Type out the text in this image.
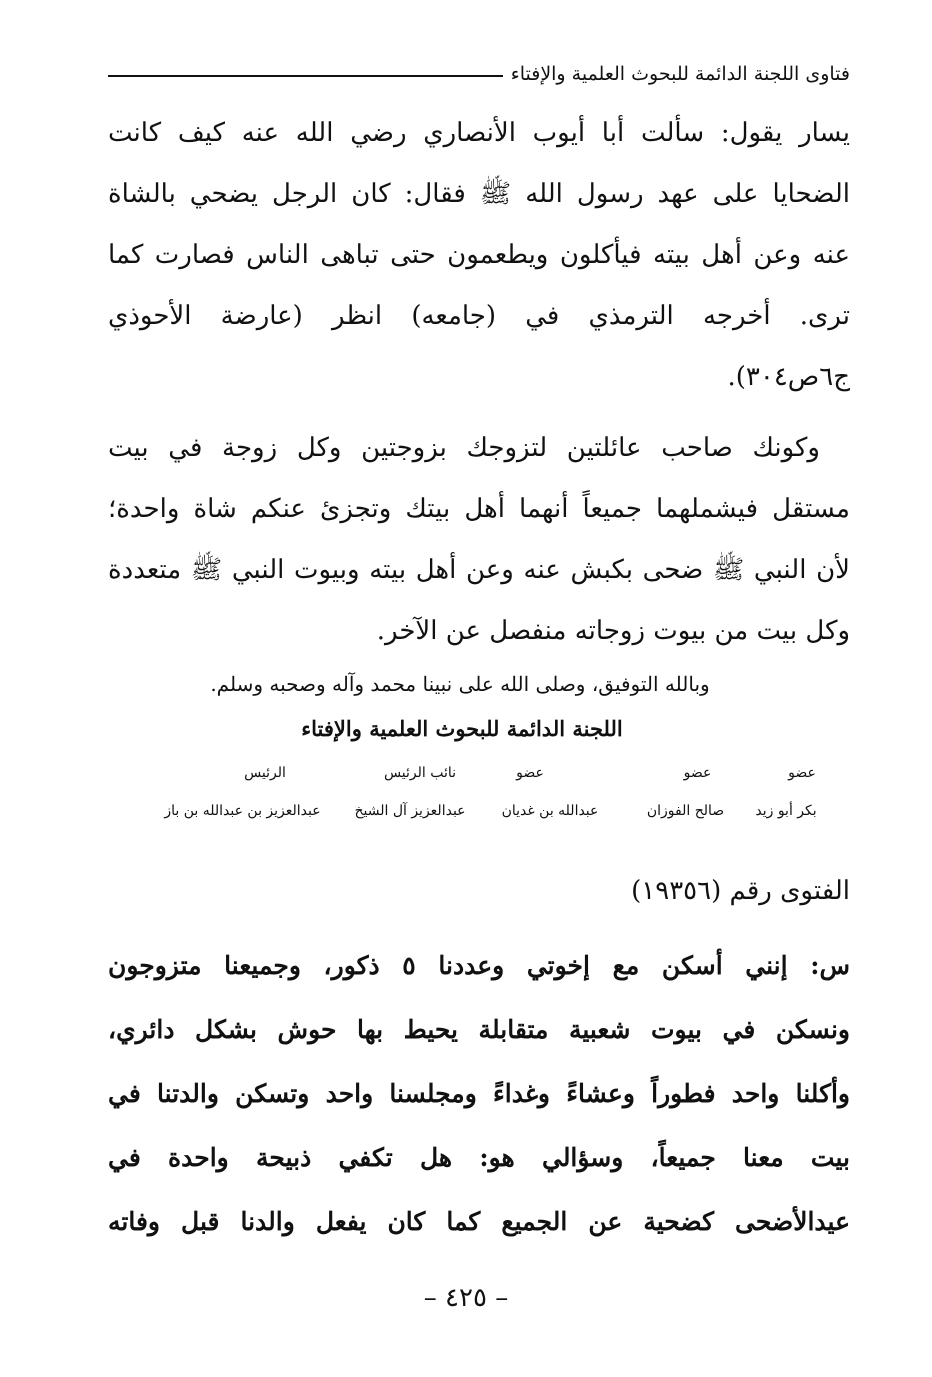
فتاوى اللجنة الدائمة للبحوث العلمية والإفتاء
يسار يقول: سألت أبا أيوب الأنصاري رضي الله عنه كيف كانت
الضحايا على عهد رسول الله ﷺ فقال: كان الرجل يضحي بالشاة
عنه وعن أهل بيته فيأكلون ويطعمون حتى تباهى الناس فصارت كما
ترى. أخرجه الترمذي في (جامعه) انظر (عارضة الأحوذي
ج٦ص٣٠٤).
وكونك صاحب عائلتين لتزوجك بزوجتين وكل زوجة في بيت
مستقل فيشملهما جميعاً أنهما أهل بيتك وتجزئ عنكم شاة واحدة؛
لأن النبي ﷺ ضحى بكبش عنه وعن أهل بيته وبيوت النبي ﷺ متعددة
وكل بيت من بيوت زوجاته منفصل عن الآخر.
وبالله التوفيق، وصلى الله على نبينا محمد وآله وصحبه وسلم.
اللجنة الدائمة للبحوث العلمية والإفتاء
عضو
بكر أبو زيد
عضو
صالح الفوزان
عضو
عبدالله بن غديان
نائب الرئيس
عبدالعزيز آل الشيخ
الرئيس
عبدالعزيز بن عبدالله بن باز
الفتوى رقم (١٩٣٥٦)
س: إنني أسكن مع إخوتي وعددنا ٥ ذكور، وجميعنا متزوجون
ونسكن في بيوت شعبية متقابلة يحيط بها حوش بشكل دائري،
وأكلنا واحد فطوراً وعشاءً وغداءً ومجلسنا واحد وتسكن والدتنا في
بيت معنا جميعاً، وسؤالي هو: هل تكفي ذبيحة واحدة في
عيدالأضحى كضحية عن الجميع كما كان يفعل والدنا قبل وفاته
– ٤٢٥ –
